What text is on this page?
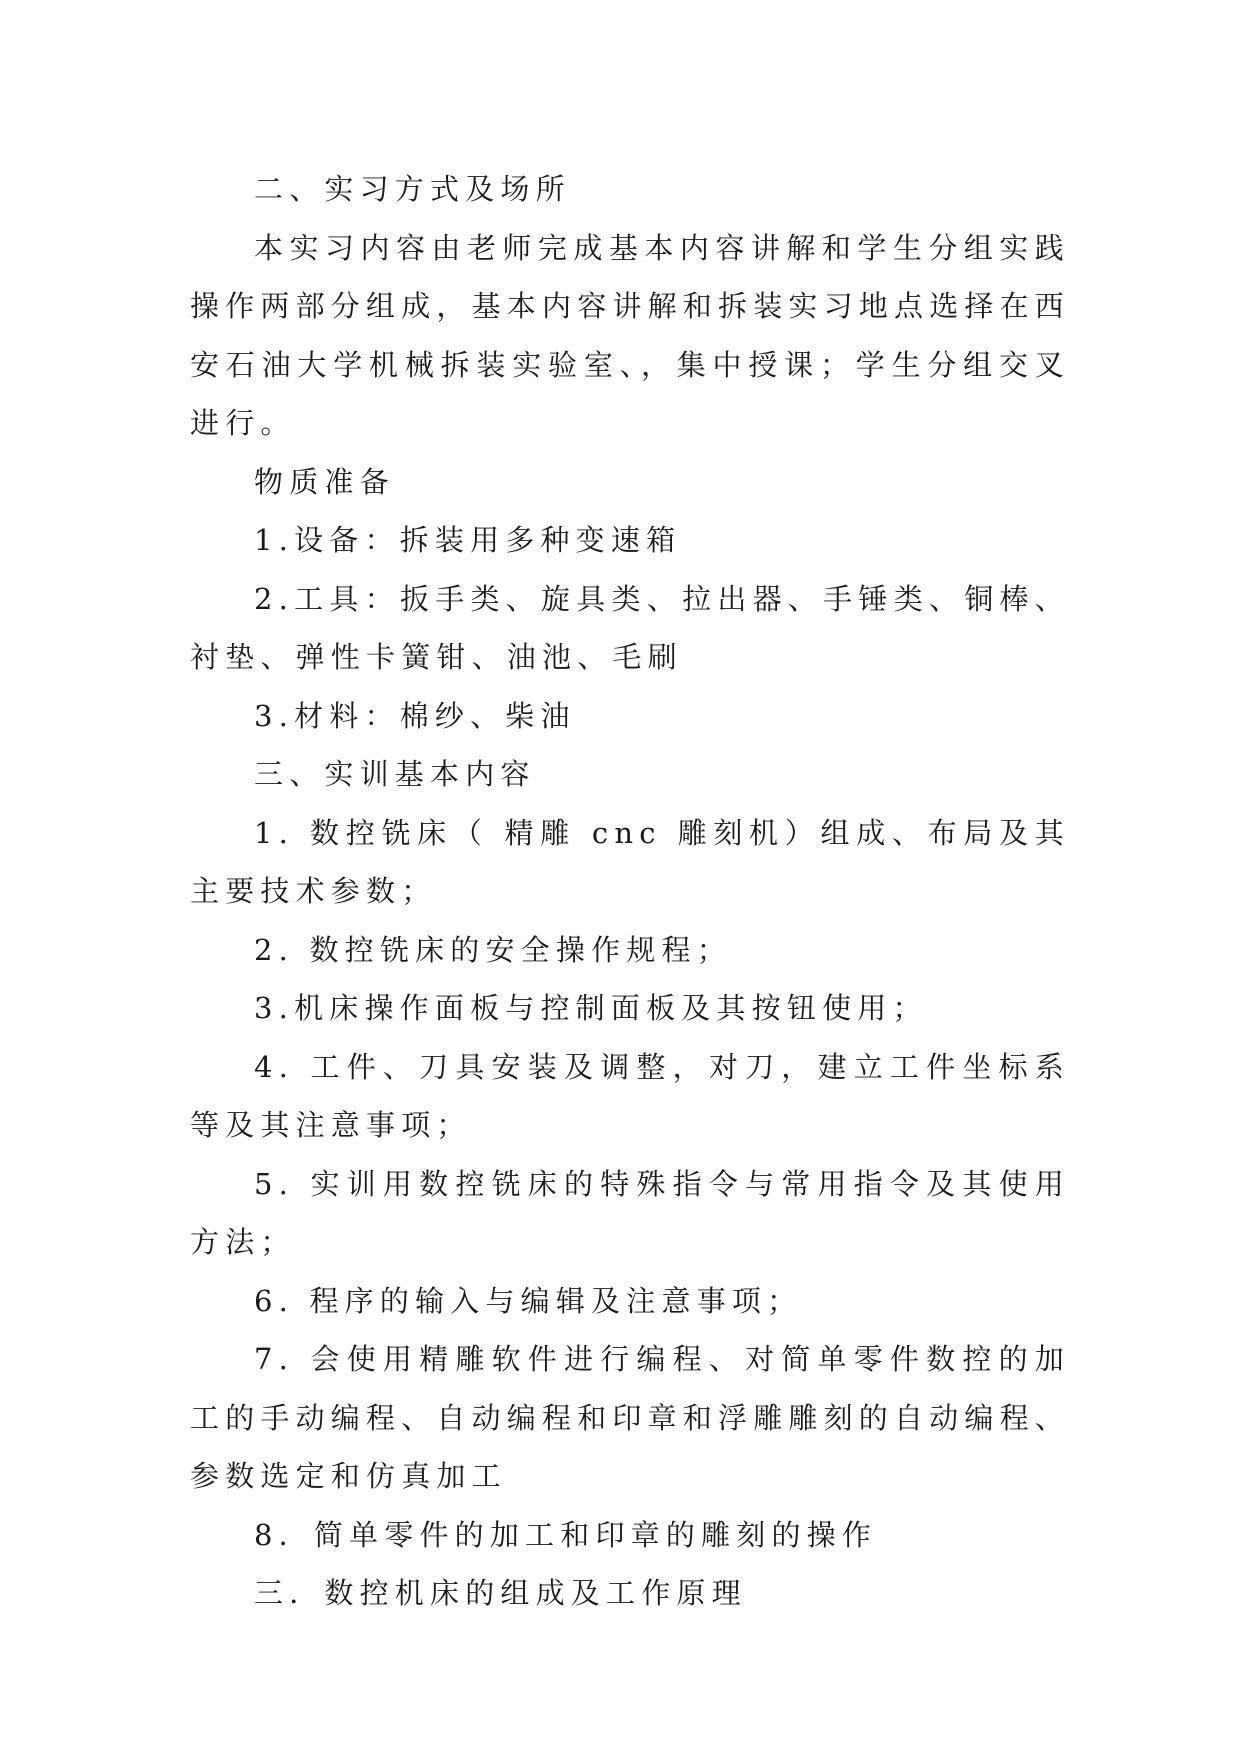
二、实习方式及场所

本实习内容由老师完成基本内容讲解和学生分组实践操作两部分组成，基本内容讲解和拆装实习地点选择在西安石油大学机械拆装实验室、，集中授课；学生分组交叉进行。

物质准备

1.设备：拆装用多种变速箱

2.工具：扳手类、旋具类、拉出器、手锤类、铜棒、衬垫、弹性卡簧钳、油池、毛刷

3.材料：棉纱、柴油

三、实训基本内容

1. 数控铣床（ 精雕 cnc 雕刻机）组成、布局及其主要技术参数；

2. 数控铣床的安全操作规程；

3.机床操作面板与控制面板及其按钮使用；

4. 工件、刀具安装及调整，对刀，建立工件坐标系等及其注意事项；

5. 实训用数控铣床的特殊指令与常用指令及其使用方法；

6. 程序的输入与编辑及注意事项；

7. 会使用精雕软件进行编程、对简单零件数控的加工的手动编程、自动编程和印章和浮雕雕刻的自动编程、参数选定和仿真加工

8．简单零件的加工和印章的雕刻的操作

三．数控机床的组成及工作原理
